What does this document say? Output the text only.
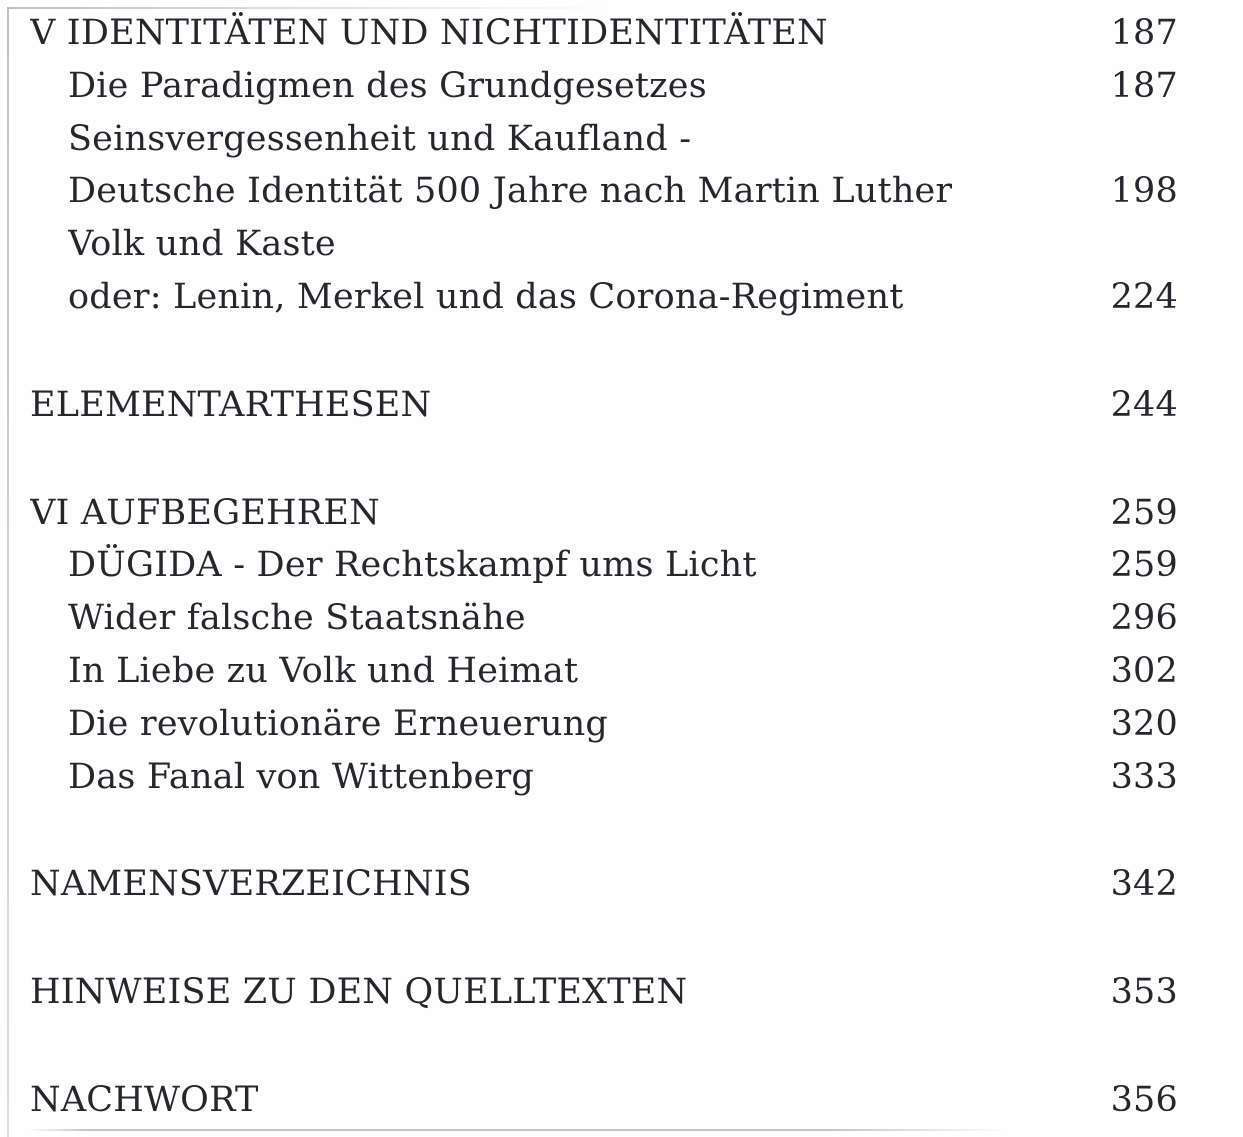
V IDENTITÄTEN UND NICHTIDENTITÄTEN	187
Die Paradigmen des Grundgesetzes	187
Seinsvergessenheit und Kaufland -
Deutsche Identität 500 Jahre nach Martin Luther	198
Volk und Kaste
oder: Lenin, Merkel und das Corona-Regiment	224
ELEMENTARTHESEN	244
VI AUFBEGEHREN	259
DÜGIDA - Der Rechtskampf ums Licht	259
Wider falsche Staatsnähe	296
In Liebe zu Volk und Heimat	302
Die revolutionäre Erneuerung	320
Das Fanal von Wittenberg	333
NAMENSVERZEICHNIS	342
HINWEISE ZU DEN QUELLTEXTEN	353
NACHWORT	356
